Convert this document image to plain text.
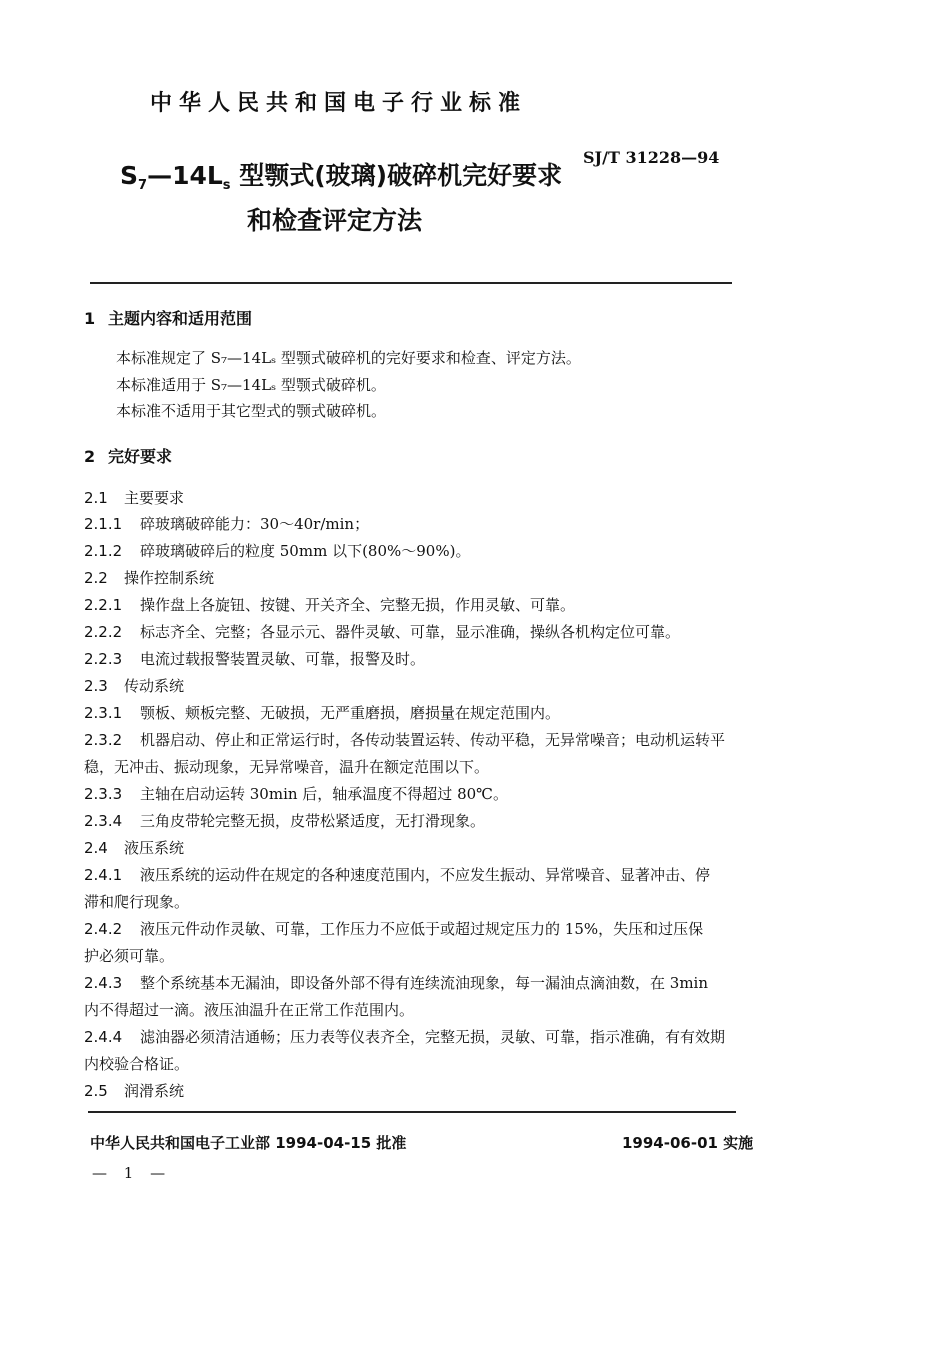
中华人民共和国电子行业标准
SJ/T 31228—94
$S_7—14L_s$ 型颚式(玻璃)破碎机完好要求
和检查评定方法
1 主题内容和适用范围
本标准规定了 S₇—14Lₛ 型颚式破碎机的完好要求和检查、评定方法。
本标准适用于 S₇—14Lₛ 型颚式破碎机。
本标准不适用于其它型式的颚式破碎机。
2 完好要求
2.1 主要要求
2.1.1 碎玻璃破碎能力：30～40r/min；
2.1.2 碎玻璃破碎后的粒度 50mm 以下(80%～90%)。
2.2 操作控制系统
2.2.1 操作盘上各旋钮、按键、开关齐全、完整无损，作用灵敏、可靠。
2.2.2 标志齐全、完整；各显示元、器件灵敏、可靠，显示准确，操纵各机构定位可靠。
2.2.3 电流过载报警装置灵敏、可靠，报警及时。
2.3 传动系统
2.3.1 颚板、颊板完整、无破损，无严重磨损，磨损量在规定范围内。
2.3.2 机器启动、停止和正常运行时，各传动装置运转、传动平稳，无异常噪音；电动机运转平
稳，无冲击、振动现象，无异常噪音，温升在额定范围以下。
2.3.3 主轴在启动运转 30min 后，轴承温度不得超过 80℃。
2.3.4 三角皮带轮完整无损，皮带松紧适度，无打滑现象。
2.4 液压系统
2.4.1 液压系统的运动件在规定的各种速度范围内，不应发生振动、异常噪音、显著冲击、停
滞和爬行现象。
2.4.2 液压元件动作灵敏、可靠，工作压力不应低于或超过规定压力的 15%，失压和过压保
护必须可靠。
2.4.3 整个系统基本无漏油，即设备外部不得有连续流油现象，每一漏油点滴油数，在 3min
内不得超过一滴。液压油温升在正常工作范围内。
2.4.4 滤油器必须清洁通畅；压力表等仪表齐全，完整无损，灵敏、可靠，指示准确，有有效期
内校验合格证。
2.5 润滑系统
中华人民共和国电子工业部 1994-04-15 批准	1994-06-01 实施
— 1 —
